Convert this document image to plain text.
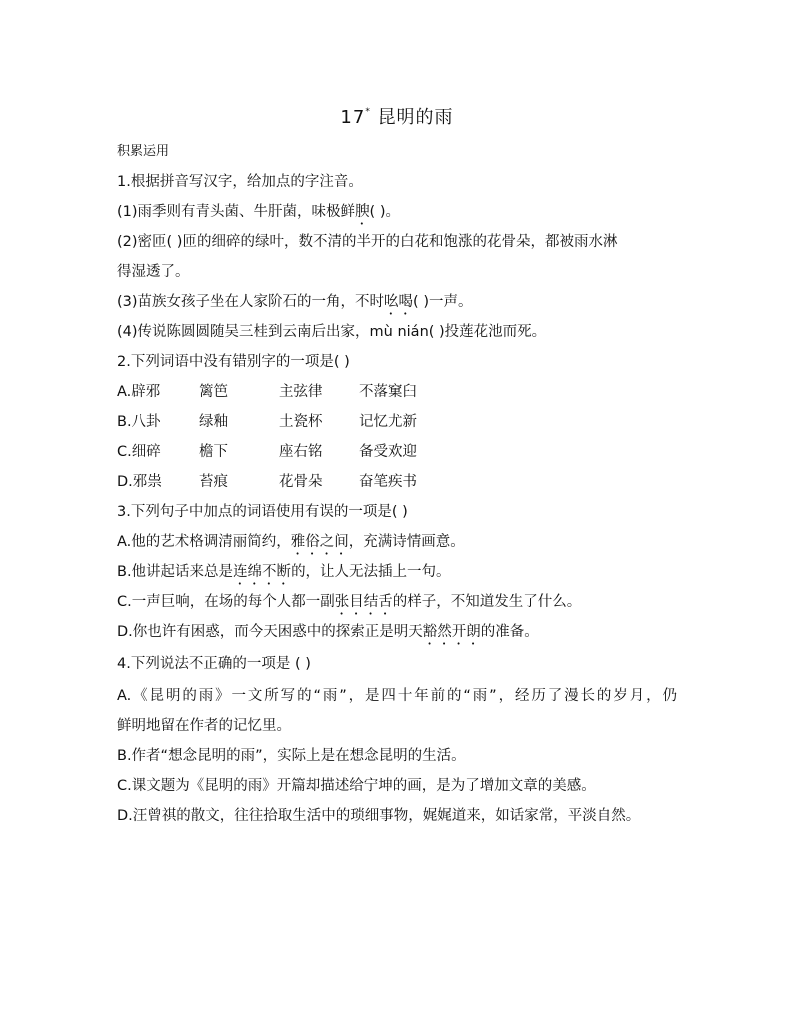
17* 昆明的雨
积累运用
1.根据拼音写汉字，给加点的字注音。
(1)雨季则有青头菌、牛肝菌，味极鲜腴( )。
(2)密匝( )匝的细碎的绿叶，数不清的半开的白花和饱涨的花骨朵，都被雨水淋
得湿透了。
(3)苗族女孩子坐在人家阶石的一角，不时吆喝( )一声。
(4)传说陈圆圆随吴三桂到云南后出家，mù nián( )投莲花池而死。
2.下列词语中没有错别字的一项是( )
A.辟邪	篱笆	主弦律	不落窠臼
B.八卦	绿釉	土瓷杯	记忆尤新
C.细碎	檐下	座右铭	备受欢迎
D.邪祟	苔痕	花骨朵	奋笔疾书
3.下列句子中加点的词语使用有误的一项是( )
A.他的艺术格调清丽简约，雅俗之间，充满诗情画意。
B.他讲起话来总是连绵不断的，让人无法插上一句。
C.一声巨响，在场的每个人都一副张目结舌的样子，不知道发生了什么。
D.你也许有困惑，而今天困惑中的探索正是明天豁然开朗的准备。
4.下列说法不正确的一项是 ( )
A.《昆明的雨》一文所写的“雨”，是四十年前的“雨”，经历了漫长的岁月，仍
鲜明地留在作者的记忆里。
B.作者“想念昆明的雨”，实际上是在想念昆明的生活。
C.课文题为《昆明的雨》开篇却描述给宁坤的画，是为了增加文章的美感。
D.汪曾祺的散文，往往拾取生活中的琐细事物，娓娓道来，如话家常，平淡自然。
